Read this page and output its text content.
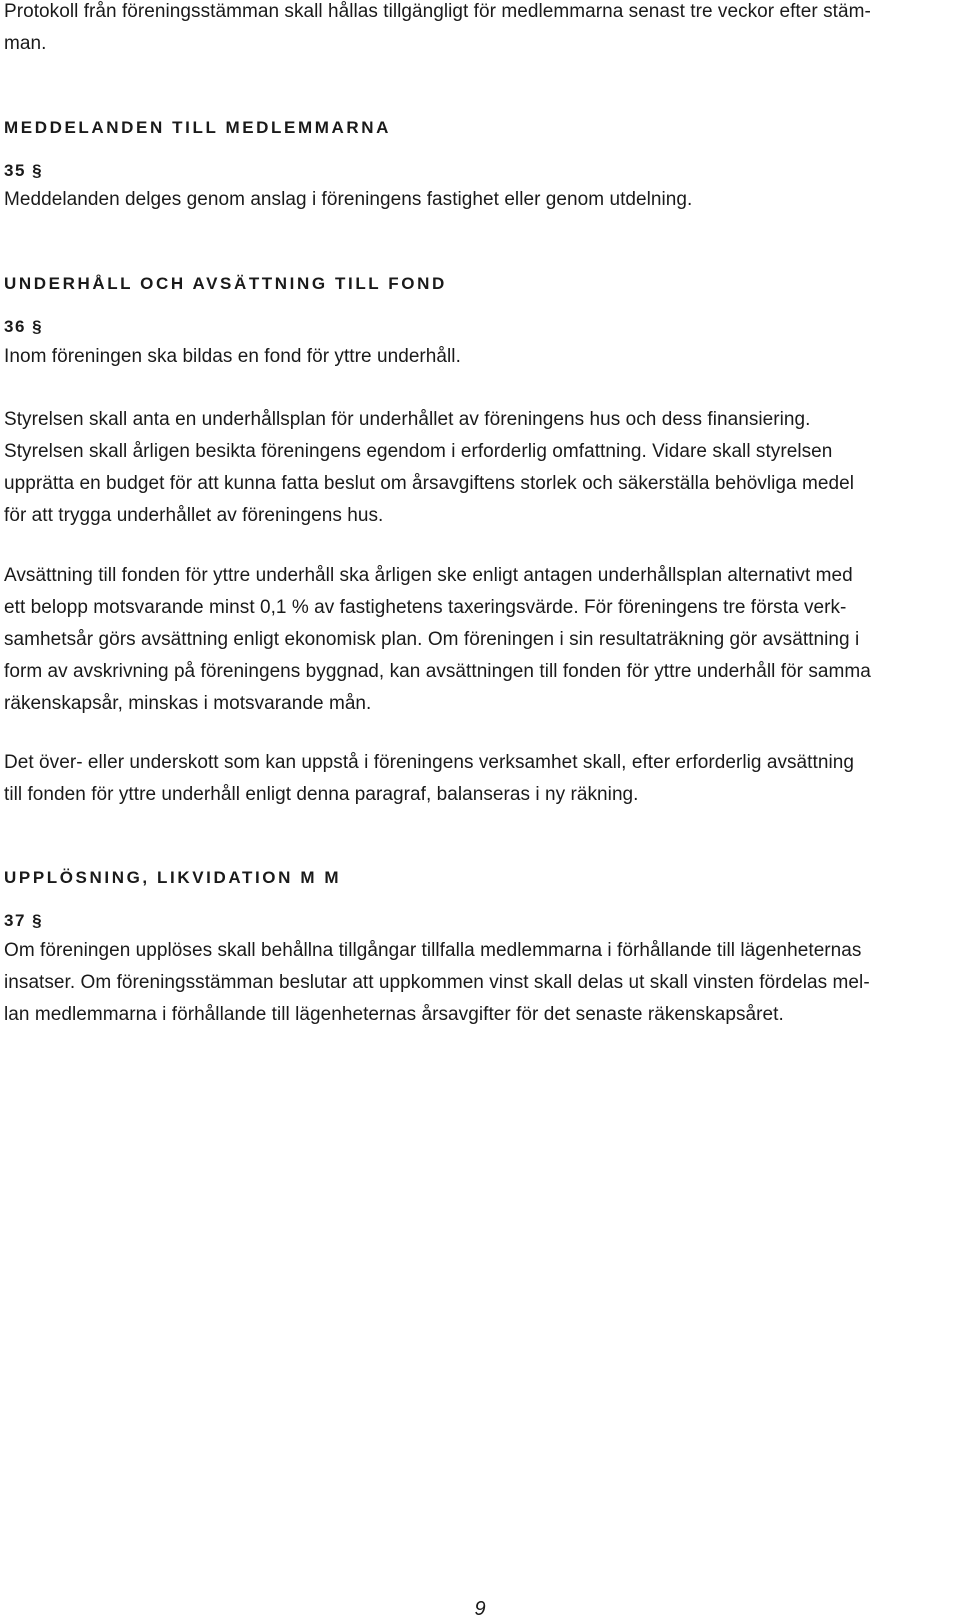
Protokoll från föreningsstämman skall hållas tillgängligt för medlemmarna senast tre veckor efter stäm-
man.
MEDDELANDEN TILL MEDLEMMARNA
35 §
Meddelanden delges genom anslag i föreningens fastighet eller genom utdelning.
UNDERHÅLL OCH AVSÄTTNING TILL FOND
36 §
Inom föreningen ska bildas en fond för yttre underhåll.
Styrelsen skall anta en underhållsplan för underhållet av föreningens hus och dess finansiering.
Styrelsen skall årligen besikta föreningens egendom i erforderlig omfattning. Vidare skall styrelsen
upprätta en budget för att kunna fatta beslut om årsavgiftens storlek och säkerställa behövliga medel
för att trygga underhållet av föreningens hus.
Avsättning till fonden för yttre underhåll ska årligen ske enligt antagen underhållsplan alternativt med
ett belopp motsvarande minst 0,1 % av fastighetens taxeringsvärde. För föreningens tre första verk-
samhetsår görs avsättning enligt ekonomisk plan. Om föreningen i sin resultaträkning gör avsättning i
form av avskrivning på föreningens byggnad, kan avsättningen till fonden för yttre underhåll för samma
räkenskapsår, minskas i motsvarande mån.
Det över- eller underskott som kan uppstå i föreningens verksamhet skall, efter erforderlig avsättning
till fonden för yttre underhåll enligt denna paragraf, balanseras i ny räkning.
UPPLÖSNING, LIKVIDATION M M
37 §
Om föreningen upplöses skall behållna tillgångar tillfalla medlemmarna i förhållande till lägenheternas
insatser. Om föreningsstämman beslutar att uppkommen vinst skall delas ut skall vinsten fördelas mel-
lan medlemmarna i förhållande till lägenheternas årsavgifter för det senaste räkenskapsåret.
9
